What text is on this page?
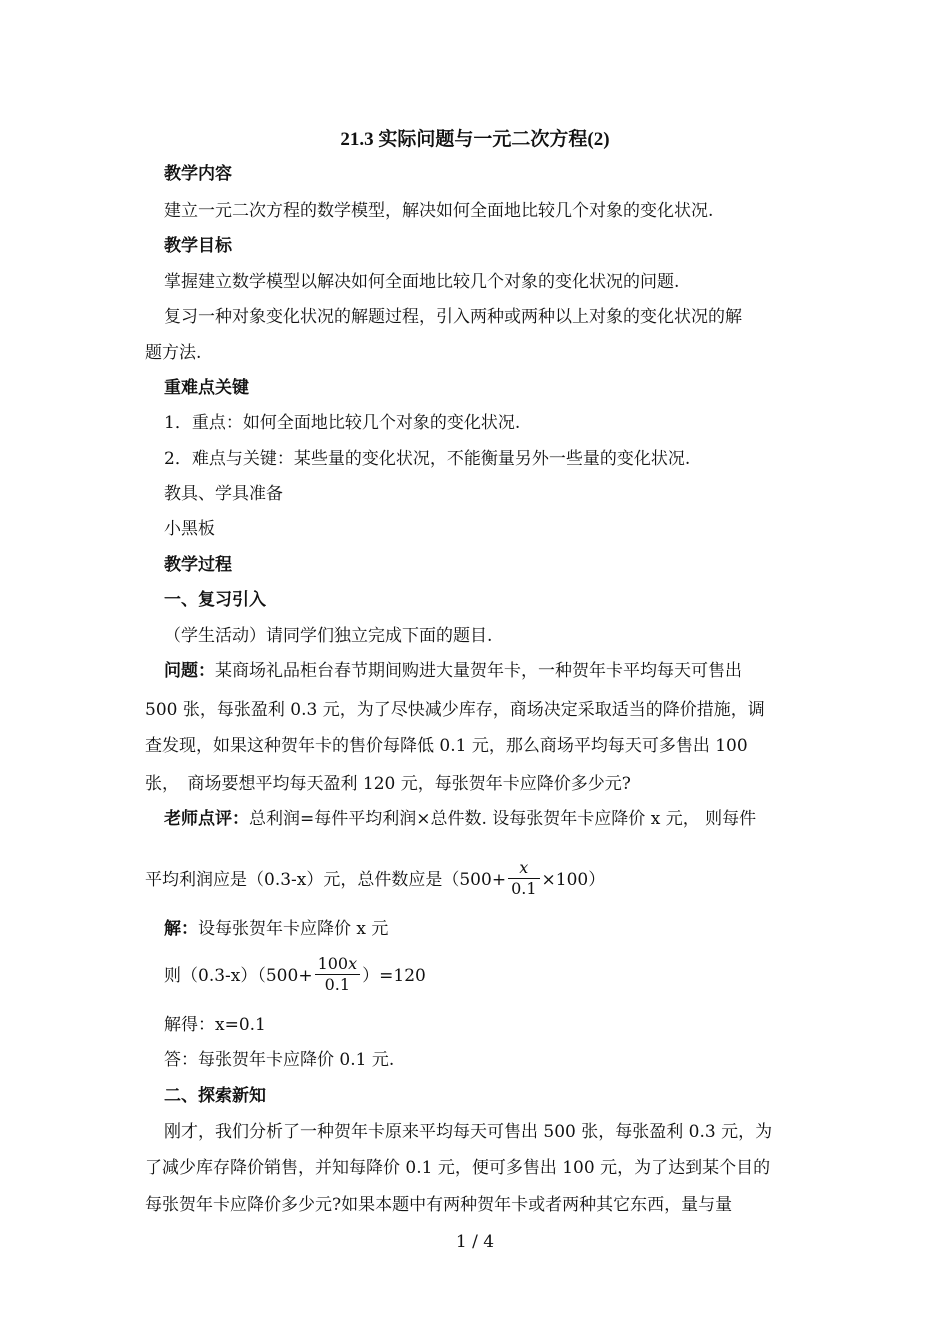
21.3 实际问题与一元二次方程(2)
教学内容
建立一元二次方程的数学模型，解决如何全面地比较几个对象的变化状况.
教学目标
掌握建立数学模型以解决如何全面地比较几个对象的变化状况的问题.
复习一种对象变化状况的解题过程，引入两种或两种以上对象的变化状况的解
题方法.
重难点关键
1．重点：如何全面地比较几个对象的变化状况.
2．难点与关键：某些量的变化状况，不能衡量另外一些量的变化状况.
教具、学具准备
小黑板
教学过程
一、复习引入
（学生活动）请同学们独立完成下面的题目.
问题：某商场礼品柜台春节期间购进大量贺年卡，一种贺年卡平均每天可售出
500 张，每张盈利 0.3 元，为了尽快减少库存，商场决定采取适当的降价措施，调
查发现，如果这种贺年卡的售价每降低 0.1 元，那么商场平均每天可多售出 100
张，　商场要想平均每天盈利 120 元，每张贺年卡应降价多少元?
老师点评：总利润=每件平均利润×总件数. 设每张贺年卡应降价 x 元， 则每件
平均利润应是（0.3-x）元，总件数应是$(500+ \frac{x}{0.1} \times 100)$
解：设每张贺年卡应降价 x 元
则$(0.3-x)(500+ \frac{100x}{0.1} )=120$
解得：x=0.1
答：每张贺年卡应降价 0.1 元.
二、探索新知
刚才，我们分析了一种贺年卡原来平均每天可售出 500 张，每张盈利 0.3 元，为
了减少库存降价销售，并知每降价 0.1 元，便可多售出 100 元，为了达到某个目的
每张贺年卡应降价多少元?如果本题中有两种贺年卡或者两种其它东西，量与量
1 / 4
